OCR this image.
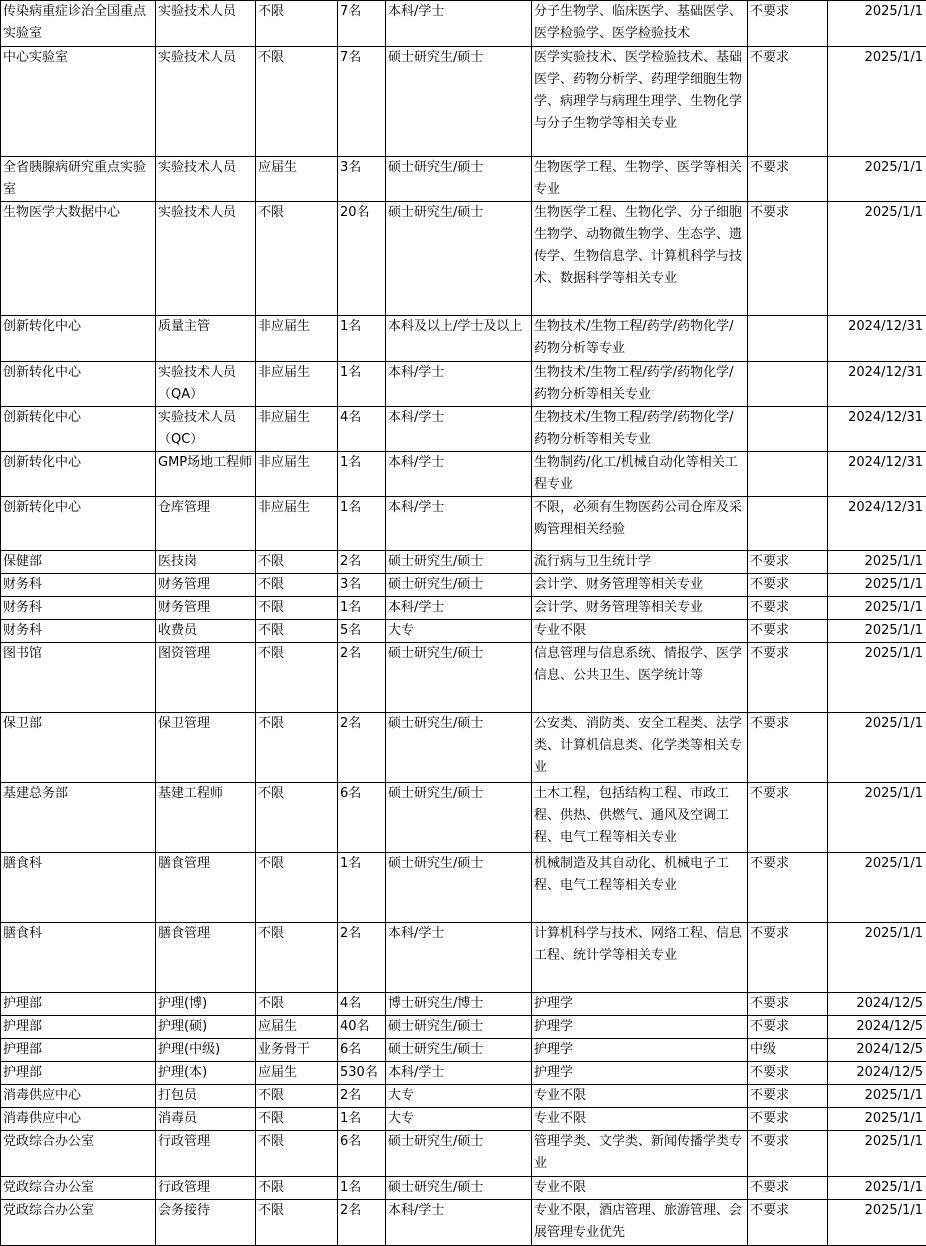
传染病重症诊治全国重点实验室	实验技术人员	不限	7名	本科/学士	分子生物学、临床医学、基础医学、医学检验学、医学检验技术	不要求	2025/1/1
中心实验室	实验技术人员	不限	7名	硕士研究生/硕士	医学实验技术、医学检验技术、基础医学、药物分析学、药理学细胞生物学、病理学与病理生理学、生物化学与分子生物学等相关专业	不要求	2025/1/1
全省胰腺病研究重点实验室	实验技术人员	应届生	3名	硕士研究生/硕士	生物医学工程、生物学、医学等相关专业	不要求	2025/1/1
生物医学大数据中心	实验技术人员	不限	20名	硕士研究生/硕士	生物医学工程、生物化学、分子细胞生物学、动物微生物学、生态学、遗传学、生物信息学、计算机科学与技术、数据科学等相关专业	不要求	2025/1/1
创新转化中心	质量主管	非应届生	1名	本科及以上/学士及以上	生物技术/生物工程/药学/药物化学/药物分析等专业		2024/12/31
创新转化中心	实验技术人员（QA）	非应届生	1名	本科/学士	生物技术/生物工程/药学/药物化学/药物分析等相关专业		2024/12/31
创新转化中心	实验技术人员（QC）	非应届生	4名	本科/学士	生物技术/生物工程/药学/药物化学/药物分析等相关专业		2024/12/31
创新转化中心	GMP场地工程师	非应届生	1名	本科/学士	生物制药/化工/机械自动化等相关工程专业		2024/12/31
创新转化中心	仓库管理	非应届生	1名	本科/学士	不限，必须有生物医药公司仓库及采购管理相关经验		2024/12/31
保健部	医技岗	不限	2名	硕士研究生/硕士	流行病与卫生统计学	不要求	2025/1/1
财务科	财务管理	不限	3名	硕士研究生/硕士	会计学、财务管理等相关专业	不要求	2025/1/1
财务科	财务管理	不限	1名	本科/学士	会计学、财务管理等相关专业	不要求	2025/1/1
财务科	收费员	不限	5名	大专	专业不限	不要求	2025/1/1
图书馆	图资管理	不限	2名	硕士研究生/硕士	信息管理与信息系统、情报学、医学信息、公共卫生、医学统计等	不要求	2025/1/1
保卫部	保卫管理	不限	2名	硕士研究生/硕士	公安类、消防类、安全工程类、法学类、计算机信息类、化学类等相关专业	不要求	2025/1/1
基建总务部	基建工程师	不限	6名	硕士研究生/硕士	土木工程，包括结构工程、市政工程、供热、供燃气、通风及空调工程、电气工程等相关专业	不要求	2025/1/1
膳食科	膳食管理	不限	1名	硕士研究生/硕士	机械制造及其自动化、机械电子工程、电气工程等相关专业	不要求	2025/1/1
膳食科	膳食管理	不限	2名	本科/学士	计算机科学与技术、网络工程、信息工程、统计学等相关专业	不要求	2025/1/1
护理部	护理(博)	不限	4名	博士研究生/博士	护理学	不要求	2024/12/5
护理部	护理(硕)	应届生	40名	硕士研究生/硕士	护理学	不要求	2024/12/5
护理部	护理(中级)	业务骨干	6名	硕士研究生/硕士	护理学	中级	2024/12/5
护理部	护理(本)	应届生	530名	本科/学士	护理学	不要求	2024/12/5
消毒供应中心	打包员	不限	2名	大专	专业不限	不要求	2025/1/1
消毒供应中心	消毒员	不限	1名	大专	专业不限	不要求	2025/1/1
党政综合办公室	行政管理	不限	6名	硕士研究生/硕士	管理学类、文学类、新闻传播学类专业	不要求	2025/1/1
党政综合办公室	行政管理	不限	1名	硕士研究生/硕士	专业不限	不要求	2025/1/1
党政综合办公室	会务接待	不限	2名	本科/学士	专业不限，酒店管理、旅游管理、会展管理专业优先	不要求	2025/1/1
